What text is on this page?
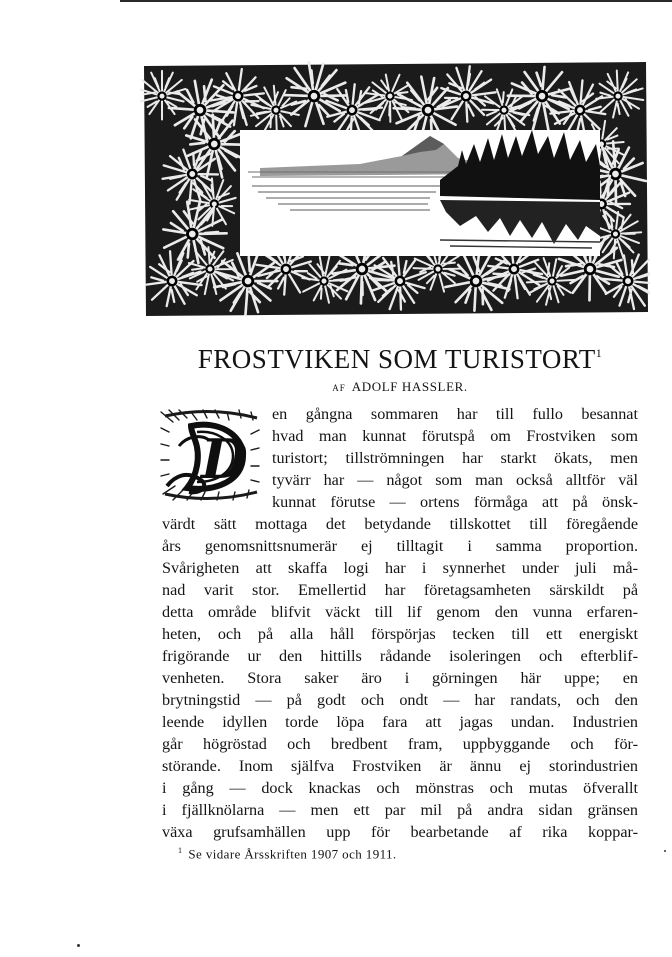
FROSTVIKEN SOM TURISTORT$^1$
AF ADOLF HASSLER.
D
en gångna sommaren har till fullo besannat
hvad man kunnat förutspå om Frostviken som
turistort; tillströmningen har starkt ökats, men
tyvärr har — något som man också alltför väl
kunnat förutse — ortens förmåga att på önsk-
värdt sätt mottaga det betydande tillskottet till föregående
års genomsnittsnumerär ej tilltagit i samma proportion.
Svårigheten att skaffa logi har i synnerhet under juli må-
nad varit stor. Emellertid har företagsamheten särskildt på
detta område blifvit väckt till lif genom den vunna erfaren-
heten, och på alla håll förspörjas tecken till ett energiskt
frigörande ur den hittills rådande isoleringen och efterblif-
venheten. Stora saker äro i görningen här uppe; en
brytningstid — på godt och ondt — har randats, och den
leende idyllen torde löpa fara att jagas undan. Industrien
går högröstad och bredbent fram, uppbyggande och för-
störande. Inom själfva Frostviken är ännu ej storindustrien
i gång — dock knackas och mönstras och mutas öfverallt
i fjällknölarna — men ett par mil på andra sidan gränsen
växa grufsamhällen upp för bearbetande af rika koppar-
$^1$ Se vidare Årsskriften 1907 och 1911.
